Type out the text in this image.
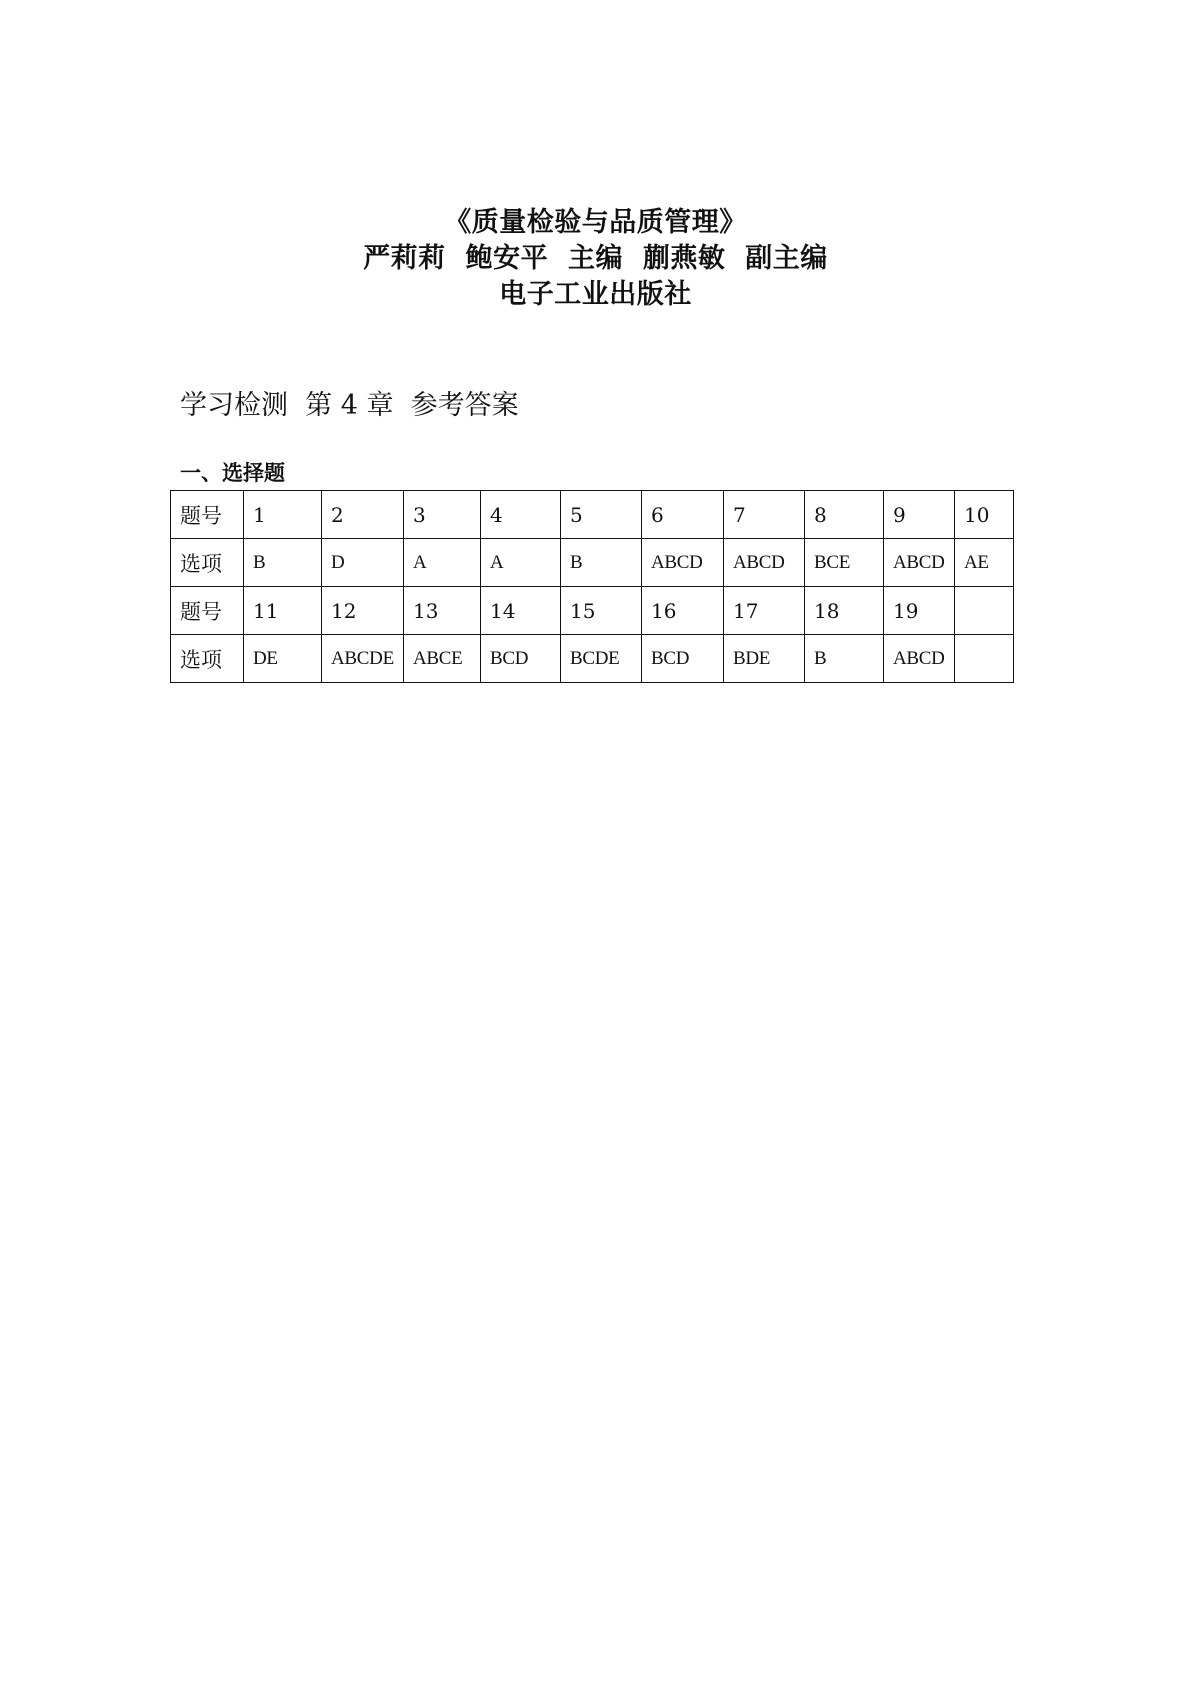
《质量检验与品质管理》
严莉莉 鲍安平 主编 蒯燕敏 副主编
电子工业出版社
学习检测  第 4 章  参考答案
一、选择题
题号	1	2	3	4	5	6	7	8	9	10
选项	B	D	A	A	B	ABCD	ABCD	BCE	ABCD	AE
题号	11	12	13	14	15	16	17	18	19	
选项	DE	ABCDE	ABCE	BCD	BCDE	BCD	BDE	B	ABCD	
